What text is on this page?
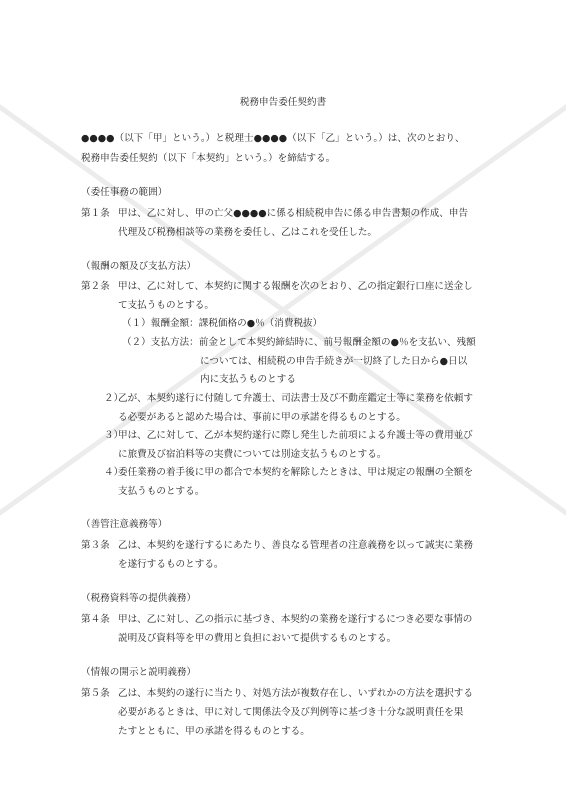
税務申告委任契約書
●●●●（以下「甲」という。）と税理士●●●●（以下「乙」という。）は、次のとおり、
税務申告委任契約（以下「本契約」という。）を締結する。
（委任事務の範囲）
第１条 甲は、乙に対し、甲の亡父●●●●に係る相続税申告に係る申告書類の作成、申告
代理及び税務相談等の業務を委任し、乙はこれを受任した。
（報酬の額及び支払方法）
第２条 甲は、乙に対して、本契約に関する報酬を次のとおり、乙の指定銀行口座に送金し
て支払うものとする。
（１）報酬金額：課税価格の●％（消費税抜）
（２）支払方法：前金として本契約締結時に、前号報酬金額の●％を支払い、残額
については、相続税の申告手続きが一切終了した日から●日以
内に支払うものとする
２）
乙が、本契約遂行に付随して弁護士、司法書士及び不動産鑑定士等に業務を依頼す
る必要があると認めた場合は、事前に甲の承諾を得るものとする。
３）
甲は、乙に対して、乙が本契約遂行に際し発生した前項による弁護士等の費用並び
に旅費及び宿泊料等の実費については別途支払うものとする。
４）
委任業務の着手後に甲の都合で本契約を解除したときは、甲は規定の報酬の全額を
支払うものとする。
（善管注意義務等）
第３条 乙は、本契約を遂行するにあたり、善良なる管理者の注意義務を以って誠実に業務
を遂行するものとする。
（税務資料等の提供義務）
第４条 甲は、乙に対し、乙の指示に基づき、本契約の業務を遂行するにつき必要な事情の
説明及び資料等を甲の費用と負担において提供するものとする。
（情報の開示と説明義務）
第５条 乙は、本契約の遂行に当たり、対処方法が複数存在し、いずれかの方法を選択する
必要があるときは、甲に対して関係法令及び判例等に基づき十分な説明責任を果
たすとともに、甲の承諾を得るものとする。
